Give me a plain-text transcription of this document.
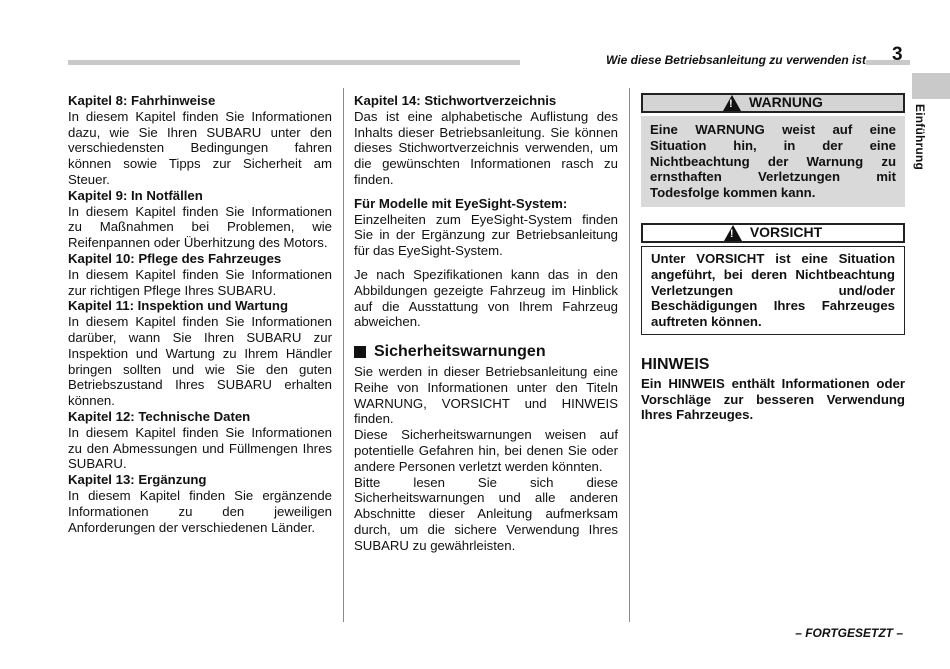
Wie diese Betriebsanleitung zu verwenden ist 3
Einführung
Kapitel 8: Fahrhinweise

In diesem Kapitel finden Sie Informationen dazu, wie Sie Ihren SUBARU unter den verschiedensten Bedingungen fahren können sowie Tipps zur Sicherheit am Steuer.

Kapitel 9: In Notfällen

In diesem Kapitel finden Sie Informationen zu Maßnahmen bei Problemen, wie Reifenpannen oder Überhitzung des Motors.

Kapitel 10: Pflege des Fahrzeuges

In diesem Kapitel finden Sie Informationen zur richtigen Pflege Ihres SUBARU.

Kapitel 11: Inspektion und Wartung

In diesem Kapitel finden Sie Informationen darüber, wann Sie Ihren SUBARU zur Inspektion und Wartung zu Ihrem Händler bringen sollten und wie Sie den guten Betriebszustand Ihres SUBARU erhalten können.

Kapitel 12: Technische Daten

In diesem Kapitel finden Sie Informationen zu den Abmessungen und Füllmengen Ihres SUBARU.

Kapitel 13: Ergänzung

In diesem Kapitel finden Sie ergänzende Informationen zu den jeweiligen Anforderungen der verschiedenen Länder.

Kapitel 14: Stichwortverzeichnis

Das ist eine alphabetische Auflistung des Inhalts dieser Betriebsanleitung. Sie können dieses Stichwortverzeichnis verwenden, um die gewünschten Informationen rasch zu finden.

Für Modelle mit EyeSight-System:

Einzelheiten zum EyeSight-System finden Sie in der Ergänzung zur Betriebsanleitung für das EyeSight-System.

Je nach Spezifikationen kann das in den Abbildungen gezeigte Fahrzeug im Hinblick auf die Ausstattung von Ihrem Fahrzeug abweichen.

Sicherheitswarnungen

Sie werden in dieser Betriebsanleitung eine Reihe von Informationen unter den Titeln WARNUNG, VORSICHT und HINWEIS finden.

Diese Sicherheitswarnungen weisen auf potentielle Gefahren hin, bei denen Sie oder andere Personen verletzt werden könnten.

Bitte lesen Sie sich diese Sicherheitswarnungen und alle anderen Abschnitte dieser Anleitung aufmerksam durch, um die sichere Verwendung Ihres SUBARU zu gewährleisten.

!
WARNUNG

Eine WARNUNG weist auf eine Situation hin, in der eine Nichtbeachtung der Warnung zu ernsthaften Verletzungen mit Todesfolge kommen kann.

!
VORSICHT

Unter VORSICHT ist eine Situation angeführt, bei deren Nichtbeachtung Verletzungen und/oder Beschädigungen Ihres Fahrzeuges auftreten können.

HINWEIS

Ein HINWEIS enthält Informationen oder Vorschläge zur besseren Verwendung Ihres Fahrzeuges.

– FORTGESETZT –
